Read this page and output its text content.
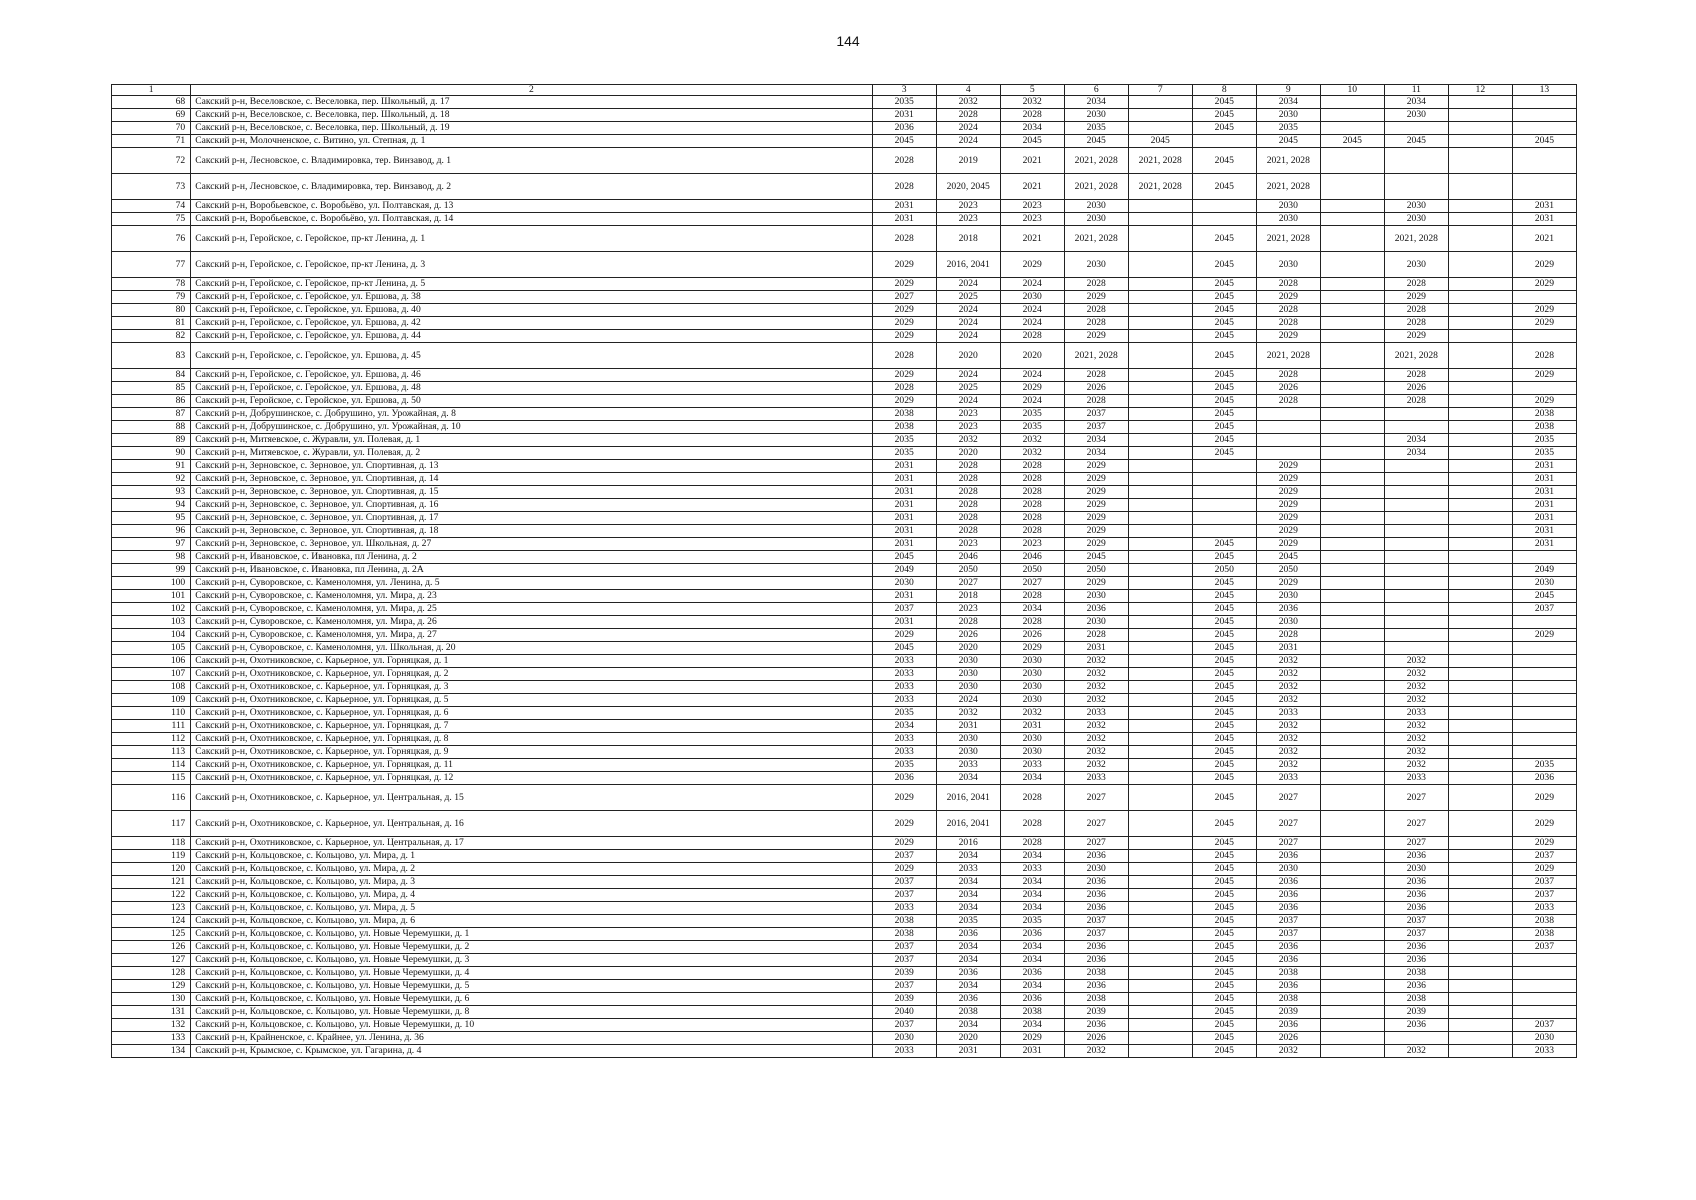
144
1	2	3	4	5	6	7	8	9	10	11	12	13
68	Сакский р-н, Веселовское, с. Веселовка, пер. Школьный, д. 17	2035	2032	2032	2034		2045	2034		2034		
69	Сакский р-н, Веселовское, с. Веселовка, пер. Школьный, д. 18	2031	2028	2028	2030		2045	2030		2030		
70	Сакский р-н, Веселовское, с. Веселовка, пер. Школьный, д. 19	2036	2024	2034	2035		2045	2035				
71	Сакский р-н, Молочненское, с. Витино, ул. Степная, д. 1	2045	2024	2045	2045	2045		2045	2045	2045		2045
72	Сакский р-н, Лесновское, с. Владимировка, тер. Винзавод, д. 1	2028	2019	2021	2021, 2028	2021, 2028	2045	2021, 2028				
73	Сакский р-н, Лесновское, с. Владимировка, тер. Винзавод, д. 2	2028	2020, 2045	2021	2021, 2028	2021, 2028	2045	2021, 2028				
74	Сакский р-н, Воробьевское, с. Воробьёво, ул. Полтавская, д. 13	2031	2023	2023	2030			2030		2030		2031
75	Сакский р-н, Воробьевское, с. Воробьёво, ул. Полтавская, д. 14	2031	2023	2023	2030			2030		2030		2031
76	Сакский р-н, Геройское, с. Геройское, пр-кт Ленина, д. 1	2028	2018	2021	2021, 2028		2045	2021, 2028		2021, 2028		2021
77	Сакский р-н, Геройское, с. Геройское, пр-кт Ленина, д. 3	2029	2016, 2041	2029	2030		2045	2030		2030		2029
78	Сакский р-н, Геройское, с. Геройское, пр-кт Ленина, д. 5	2029	2024	2024	2028		2045	2028		2028		2029
79	Сакский р-н, Геройское, с. Геройское, ул. Ершова, д. 38	2027	2025	2030	2029		2045	2029		2029		
80	Сакский р-н, Геройское, с. Геройское, ул. Ершова, д. 40	2029	2024	2024	2028		2045	2028		2028		2029
81	Сакский р-н, Геройское, с. Геройское, ул. Ершова, д. 42	2029	2024	2024	2028		2045	2028		2028		2029
82	Сакский р-н, Геройское, с. Геройское, ул. Ершова, д. 44	2029	2024	2028	2029		2045	2029		2029		
83	Сакский р-н, Геройское, с. Геройское, ул. Ершова, д. 45	2028	2020	2020	2021, 2028		2045	2021, 2028		2021, 2028		2028
84	Сакский р-н, Геройское, с. Геройское, ул. Ершова, д. 46	2029	2024	2024	2028		2045	2028		2028		2029
85	Сакский р-н, Геройское, с. Геройское, ул. Ершова, д. 48	2028	2025	2029	2026		2045	2026		2026		
86	Сакский р-н, Геройское, с. Геройское, ул. Ершова, д. 50	2029	2024	2024	2028		2045	2028		2028		2029
87	Сакский р-н, Добрушинское, с. Добрушино, ул. Урожайная, д. 8	2038	2023	2035	2037		2045					2038
88	Сакский р-н, Добрушинское, с. Добрушино, ул. Урожайная, д. 10	2038	2023	2035	2037		2045					2038
89	Сакский р-н, Митяевское, с. Журавли, ул. Полевая, д. 1	2035	2032	2032	2034		2045			2034		2035
90	Сакский р-н, Митяевское, с. Журавли, ул. Полевая, д. 2	2035	2020	2032	2034		2045			2034		2035
91	Сакский р-н, Зерновское, с. Зерновое, ул. Спортивная, д. 13	2031	2028	2028	2029			2029				2031
92	Сакский р-н, Зерновское, с. Зерновое, ул. Спортивная, д. 14	2031	2028	2028	2029			2029				2031
93	Сакский р-н, Зерновское, с. Зерновое, ул. Спортивная, д. 15	2031	2028	2028	2029			2029				2031
94	Сакский р-н, Зерновское, с. Зерновое, ул. Спортивная, д. 16	2031	2028	2028	2029			2029				2031
95	Сакский р-н, Зерновское, с. Зерновое, ул. Спортивная, д. 17	2031	2028	2028	2029			2029				2031
96	Сакский р-н, Зерновское, с. Зерновое, ул. Спортивная, д. 18	2031	2028	2028	2029			2029				2031
97	Сакский р-н, Зерновское, с. Зерновое, ул. Школьная, д. 27	2031	2023	2023	2029		2045	2029				2031
98	Сакский р-н, Ивановское, с. Ивановка, пл Ленина, д. 2	2045	2046	2046	2045		2045	2045				
99	Сакский р-н, Ивановское, с. Ивановка, пл Ленина, д. 2А	2049	2050	2050	2050		2050	2050				2049
100	Сакский р-н, Суворовское, с. Каменоломня, ул. Ленина, д. 5	2030	2027	2027	2029		2045	2029				2030
101	Сакский р-н, Суворовское, с. Каменоломня, ул. Мира, д. 23	2031	2018	2028	2030		2045	2030				2045
102	Сакский р-н, Суворовское, с. Каменоломня, ул. Мира, д. 25	2037	2023	2034	2036		2045	2036				2037
103	Сакский р-н, Суворовское, с. Каменоломня, ул. Мира, д. 26	2031	2028	2028	2030		2045	2030				
104	Сакский р-н, Суворовское, с. Каменоломня, ул. Мира, д. 27	2029	2026	2026	2028		2045	2028				2029
105	Сакский р-н, Суворовское, с. Каменоломня, ул. Школьная, д. 20	2045	2020	2029	2031		2045	2031				
106	Сакский р-н, Охотниковское, с. Карьерное, ул. Горняцкая, д. 1	2033	2030	2030	2032		2045	2032		2032		
107	Сакский р-н, Охотниковское, с. Карьерное, ул. Горняцкая, д. 2	2033	2030	2030	2032		2045	2032		2032		
108	Сакский р-н, Охотниковское, с. Карьерное, ул. Горняцкая, д. 3	2033	2030	2030	2032		2045	2032		2032		
109	Сакский р-н, Охотниковское, с. Карьерное, ул. Горняцкая, д. 5	2033	2024	2030	2032		2045	2032		2032		
110	Сакский р-н, Охотниковское, с. Карьерное, ул. Горняцкая, д. 6	2035	2032	2032	2033		2045	2033		2033		
111	Сакский р-н, Охотниковское, с. Карьерное, ул. Горняцкая, д. 7	2034	2031	2031	2032		2045	2032		2032		
112	Сакский р-н, Охотниковское, с. Карьерное, ул. Горняцкая, д. 8	2033	2030	2030	2032		2045	2032		2032		
113	Сакский р-н, Охотниковское, с. Карьерное, ул. Горняцкая, д. 9	2033	2030	2030	2032		2045	2032		2032		
114	Сакский р-н, Охотниковское, с. Карьерное, ул. Горняцкая, д. 11	2035	2033	2033	2032		2045	2032		2032		2035
115	Сакский р-н, Охотниковское, с. Карьерное, ул. Горняцкая, д. 12	2036	2034	2034	2033		2045	2033		2033		2036
116	Сакский р-н, Охотниковское, с. Карьерное, ул. Центральная, д. 15	2029	2016, 2041	2028	2027		2045	2027		2027		2029
117	Сакский р-н, Охотниковское, с. Карьерное, ул. Центральная, д. 16	2029	2016, 2041	2028	2027		2045	2027		2027		2029
118	Сакский р-н, Охотниковское, с. Карьерное, ул. Центральная, д. 17	2029	2016	2028	2027		2045	2027		2027		2029
119	Сакский р-н, Кольцовское, с. Кольцово, ул. Мира, д. 1	2037	2034	2034	2036		2045	2036		2036		2037
120	Сакский р-н, Кольцовское, с. Кольцово, ул. Мира, д. 2	2029	2033	2033	2030		2045	2030		2030		2029
121	Сакский р-н, Кольцовское, с. Кольцово, ул. Мира, д. 3	2037	2034	2034	2036		2045	2036		2036		2037
122	Сакский р-н, Кольцовское, с. Кольцово, ул. Мира, д. 4	2037	2034	2034	2036		2045	2036		2036		2037
123	Сакский р-н, Кольцовское, с. Кольцово, ул. Мира, д. 5	2033	2034	2034	2036		2045	2036		2036		2033
124	Сакский р-н, Кольцовское, с. Кольцово, ул. Мира, д. 6	2038	2035	2035	2037		2045	2037		2037		2038
125	Сакский р-н, Кольцовское, с. Кольцово, ул. Новые Черемушки, д. 1	2038	2036	2036	2037		2045	2037		2037		2038
126	Сакский р-н, Кольцовское, с. Кольцово, ул. Новые Черемушки, д. 2	2037	2034	2034	2036		2045	2036		2036		2037
127	Сакский р-н, Кольцовское, с. Кольцово, ул. Новые Черемушки, д. 3	2037	2034	2034	2036		2045	2036		2036		
128	Сакский р-н, Кольцовское, с. Кольцово, ул. Новые Черемушки, д. 4	2039	2036	2036	2038		2045	2038		2038		
129	Сакский р-н, Кольцовское, с. Кольцово, ул. Новые Черемушки, д. 5	2037	2034	2034	2036		2045	2036		2036		
130	Сакский р-н, Кольцовское, с. Кольцово, ул. Новые Черемушки, д. 6	2039	2036	2036	2038		2045	2038		2038		
131	Сакский р-н, Кольцовское, с. Кольцово, ул. Новые Черемушки, д. 8	2040	2038	2038	2039		2045	2039		2039		
132	Сакский р-н, Кольцовское, с. Кольцово, ул. Новые Черемушки, д. 10	2037	2034	2034	2036		2045	2036		2036		2037
133	Сакский р-н, Крайненское, с. Крайнее, ул. Ленина, д. 36	2030	2020	2029	2026		2045	2026				2030
134	Сакский р-н, Крымское, с. Крымское, ул. Гагарина, д. 4	2033	2031	2031	2032		2045	2032		2032		2033
